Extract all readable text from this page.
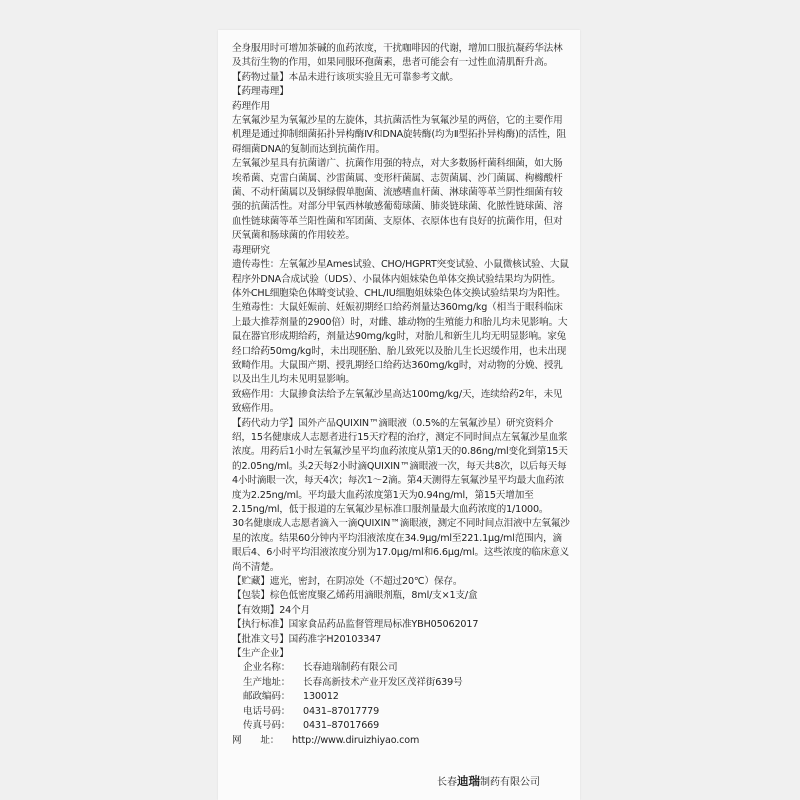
全身服用时可增加茶碱的血药浓度，干扰咖啡因的代谢，增加口服抗凝药华法林及其衍生物的作用，如果同服环孢菌素，患者可能会有一过性血清肌酐升高。

【药物过量】本品未进行该项实验且无可靠参考文献。

【药理毒理】

药理作用

左氧氟沙星为氧氟沙星的左旋体，其抗菌活性为氧氟沙星的两倍，它的主要作用机理是通过抑制细菌拓扑异构酶Ⅳ和DNA旋转酶(均为Ⅱ型拓扑异构酶)的活性，阻碍细菌DNA的复制而达到抗菌作用。

左氧氟沙星具有抗菌谱广、抗菌作用强的特点，对大多数肠杆菌科细菌，如大肠埃希菌、克雷白菌属、沙雷菌属、变形杆菌属、志贺菌属、沙门菌属、枸橼酸杆菌、不动杆菌属以及铜绿假单胞菌、流感嗜血杆菌、淋球菌等革兰阴性细菌有较强的抗菌活性。对部分甲氧西林敏感葡萄球菌、肺炎链球菌、化脓性链球菌、溶血性链球菌等革兰阳性菌和军团菌、支原体、衣原体也有良好的抗菌作用，但对厌氧菌和肠球菌的作用较差。

毒理研究

遗传毒性：左氧氟沙星Ames试验、CHO/HGPRT突变试验、小鼠微核试验、大鼠程序外DNA合成试验（UDS）、小鼠体内姐妹染色单体交换试验结果均为阴性。体外CHL细胞染色体畸变试验、CHL/IU细胞姐妹染色体交换试验结果均为阳性。

生殖毒性：大鼠妊娠前、妊娠初期经口给药剂量达360mg/kg（相当于眼科临床上最大推荐剂量的2900倍）时，对雌、雄动物的生殖能力和胎儿均未见影响。大鼠在器官形成期给药，剂量达90mg/kg时，对胎儿和新生儿均无明显影响。家兔经口给药50mg/kg时，未出现胚胎、胎儿致死以及胎儿生长迟缓作用，也未出现致畸作用。大鼠围产期、授乳期经口给药达360mg/kg时，对动物的分娩、授乳以及出生儿均未见明显影响。

致癌作用：大鼠掺食法给予左氧氟沙星高达100mg/kg/天，连续给药2年，未见致癌作用。

【药代动力学】国外产品QUIXIN™滴眼液（0.5%的左氧氟沙星）研究资料介绍，15名健康成人志愿者进行15天疗程的治疗，测定不同时间点左氧氟沙星血浆浓度。用药后1小时左氧氟沙星平均血药浓度从第1天的0.86ng/ml变化到第15天的2.05ng/ml。头2天每2小时滴QUIXIN™滴眼液一次，每天共8次，以后每天每4小时滴眼一次，每天4次；每次1～2滴。第4天测得左氧氟沙星平均最大血药浓度为2.25ng/ml。平均最大血药浓度第1天为0.94ng/ml，第15天增加至2.15ng/ml，低于报道的左氧氟沙星标准口服剂量最大血药浓度的1/1000。

30名健康成人志愿者滴入一滴QUIXIN™滴眼液，测定不同时间点泪液中左氧氟沙星的浓度。结果60分钟内平均泪液浓度在34.9μg/ml至221.1μg/ml范围内，滴眼后4、6小时平均泪液浓度分别为17.0μg/ml和6.6μg/ml。这些浓度的临床意义尚不清楚。

【贮藏】遮光，密封，在阴凉处（不超过20℃）保存。

【包装】棕色低密度聚乙烯药用滴眼剂瓶，8ml/支×1支/盒

【有效期】24个月

【执行标准】国家食品药品监督管理局标准YBH05062017

【批准文号】国药准字H20103347

【生产企业】

企业名称： 长春迪瑞制药有限公司
生产地址： 长春高新技术产业开发区茂祥街639号
邮政编码： 130012
电话号码： 0431–87017779
传真号码： 0431–87017669
网　　址： http://www.diruizhiyao.com
长春迪瑞制药有限公司
